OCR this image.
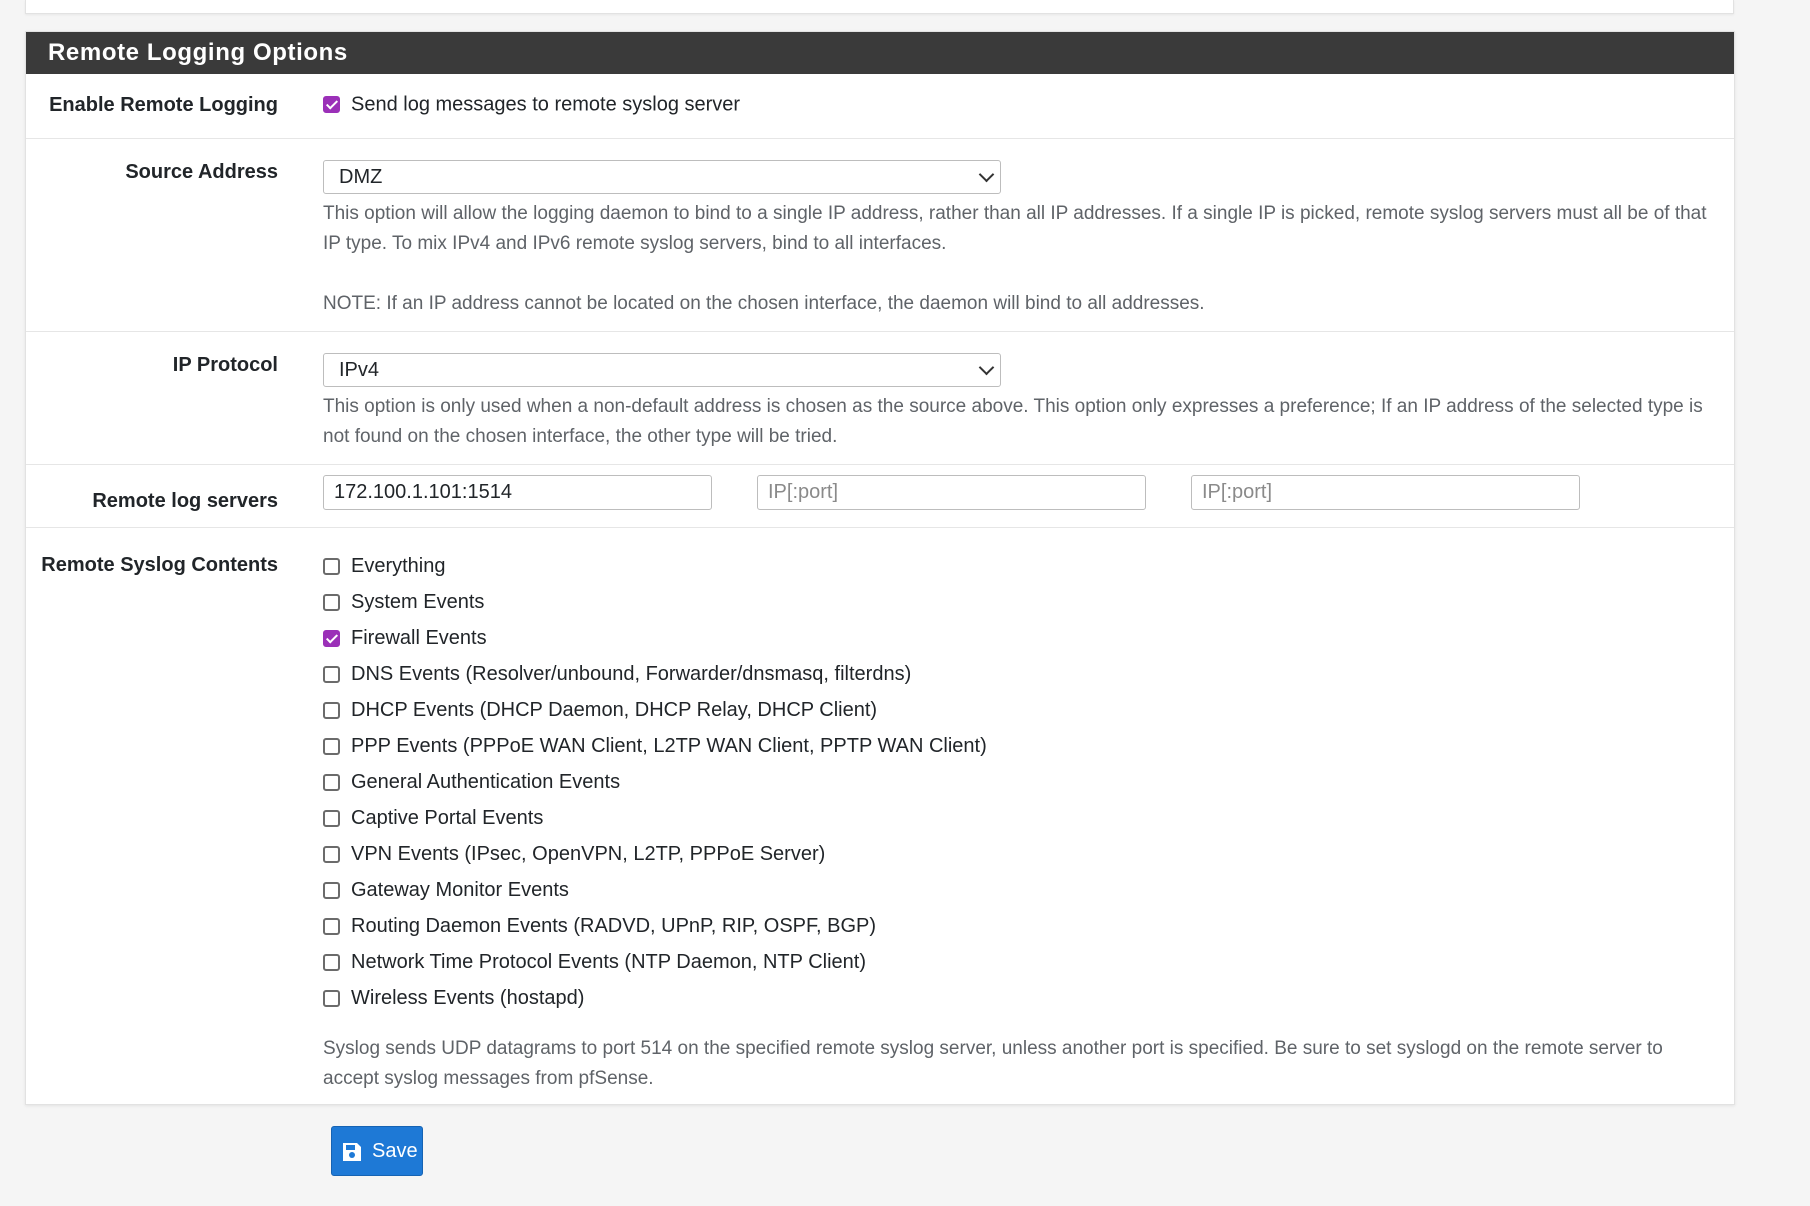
Remote Logging Options
Enable Remote Logging	Send log messages to remote syslog server
Source Address	DMZ
This option will allow the logging daemon to bind to a single IP address, rather than all IP addresses. If a single IP is picked, remote syslog servers must all be of that IP type. To mix IPv4 and IPv6 remote syslog servers, bind to all interfaces.
NOTE: If an IP address cannot be located on the chosen interface, the daemon will bind to all addresses.
IP Protocol	IPv4
This option is only used when a non-default address is chosen as the source above. This option only expresses a preference; If an IP address of the selected type is not found on the chosen interface, the other type will be tried.
Remote log servers	172.100.1.101:1514	IP[:port]	IP[:port]
Remote Syslog Contents	Everything
System Events
Firewall Events
DNS Events (Resolver/unbound, Forwarder/dnsmasq, filterdns)
DHCP Events (DHCP Daemon, DHCP Relay, DHCP Client)
PPP Events (PPPoE WAN Client, L2TP WAN Client, PPTP WAN Client)
General Authentication Events
Captive Portal Events
VPN Events (IPsec, OpenVPN, L2TP, PPPoE Server)
Gateway Monitor Events
Routing Daemon Events (RADVD, UPnP, RIP, OSPF, BGP)
Network Time Protocol Events (NTP Daemon, NTP Client)
Wireless Events (hostapd)
Syslog sends UDP datagrams to port 514 on the specified remote syslog server, unless another port is specified. Be sure to set syslogd on the remote server to accept syslog messages from pfSense.
Save
